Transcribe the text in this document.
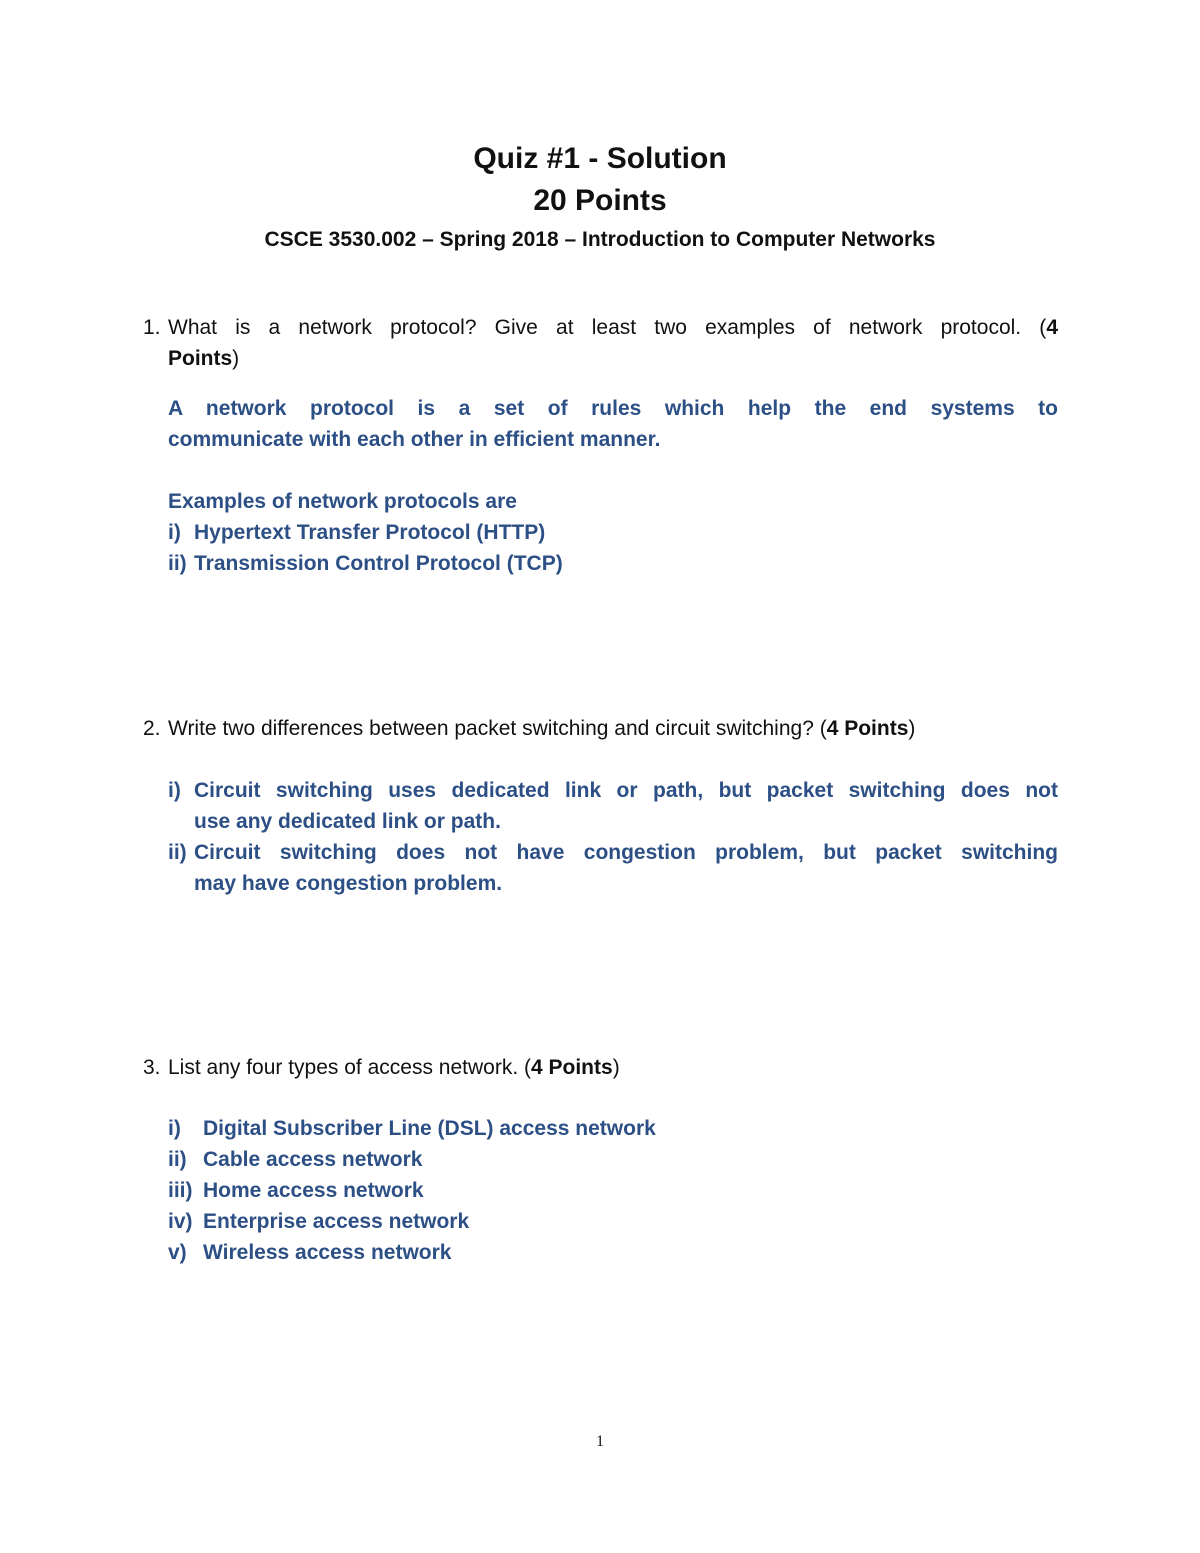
Quiz #1 - Solution
20 Points
CSCE 3530.002 – Spring 2018 – Introduction to Computer Networks
1. What is a network protocol? Give at least two examples of network protocol. (4
Points)
A network protocol is a set of rules which help the end systems to
communicate with each other in efficient manner.
Examples of network protocols are
i) Hypertext Transfer Protocol (HTTP)
ii) Transmission Control Protocol (TCP)
2. Write two differences between packet switching and circuit switching? (4 Points)
i) Circuit switching uses dedicated link or path, but packet switching does not
use any dedicated link or path.
ii) Circuit switching does not have congestion problem, but packet switching
may have congestion problem.
3. List any four types of access network. (4 Points)
i) Digital Subscriber Line (DSL) access network
ii) Cable access network
iii) Home access network
iv) Enterprise access network
v) Wireless access network
1
